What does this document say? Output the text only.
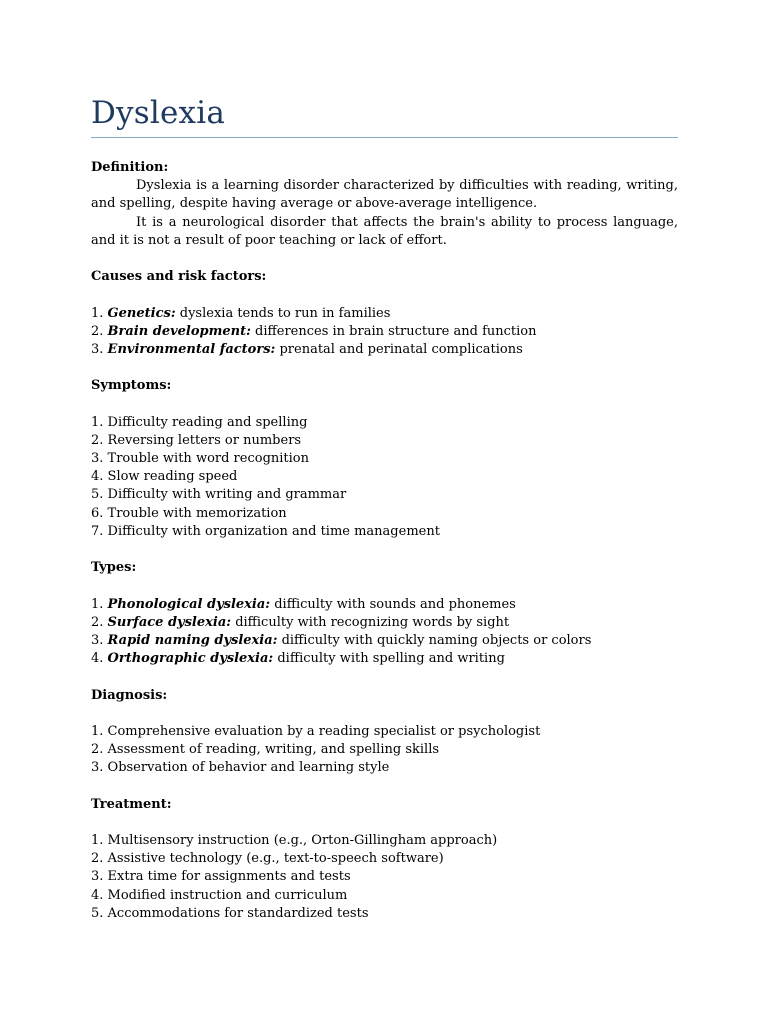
Dyslexia
Definition:

Dyslexia is a learning disorder characterized by difficulties with reading, writing, and spelling, despite having average or above-average intelligence.

It is a neurological disorder that affects the brain's ability to process language, and it is not a result of poor teaching or lack of effort.

Causes and risk factors:
1. Genetics: dyslexia tends to run in families
2. Brain development: differences in brain structure and function
3. Environmental factors: prenatal and perinatal complications
Symptoms:
1. Difficulty reading and spelling
2. Reversing letters or numbers
3. Trouble with word recognition
4. Slow reading speed
5. Difficulty with writing and grammar
6. Trouble with memorization
7. Difficulty with organization and time management
Types:
1. Phonological dyslexia: difficulty with sounds and phonemes
2. Surface dyslexia: difficulty with recognizing words by sight
3. Rapid naming dyslexia: difficulty with quickly naming objects or colors
4. Orthographic dyslexia: difficulty with spelling and writing
Diagnosis:
1. Comprehensive evaluation by a reading specialist or psychologist
2. Assessment of reading, writing, and spelling skills
3. Observation of behavior and learning style
Treatment:
1. Multisensory instruction (e.g., Orton-Gillingham approach)
2. Assistive technology (e.g., text-to-speech software)
3. Extra time for assignments and tests
4. Modified instruction and curriculum
5. Accommodations for standardized tests
